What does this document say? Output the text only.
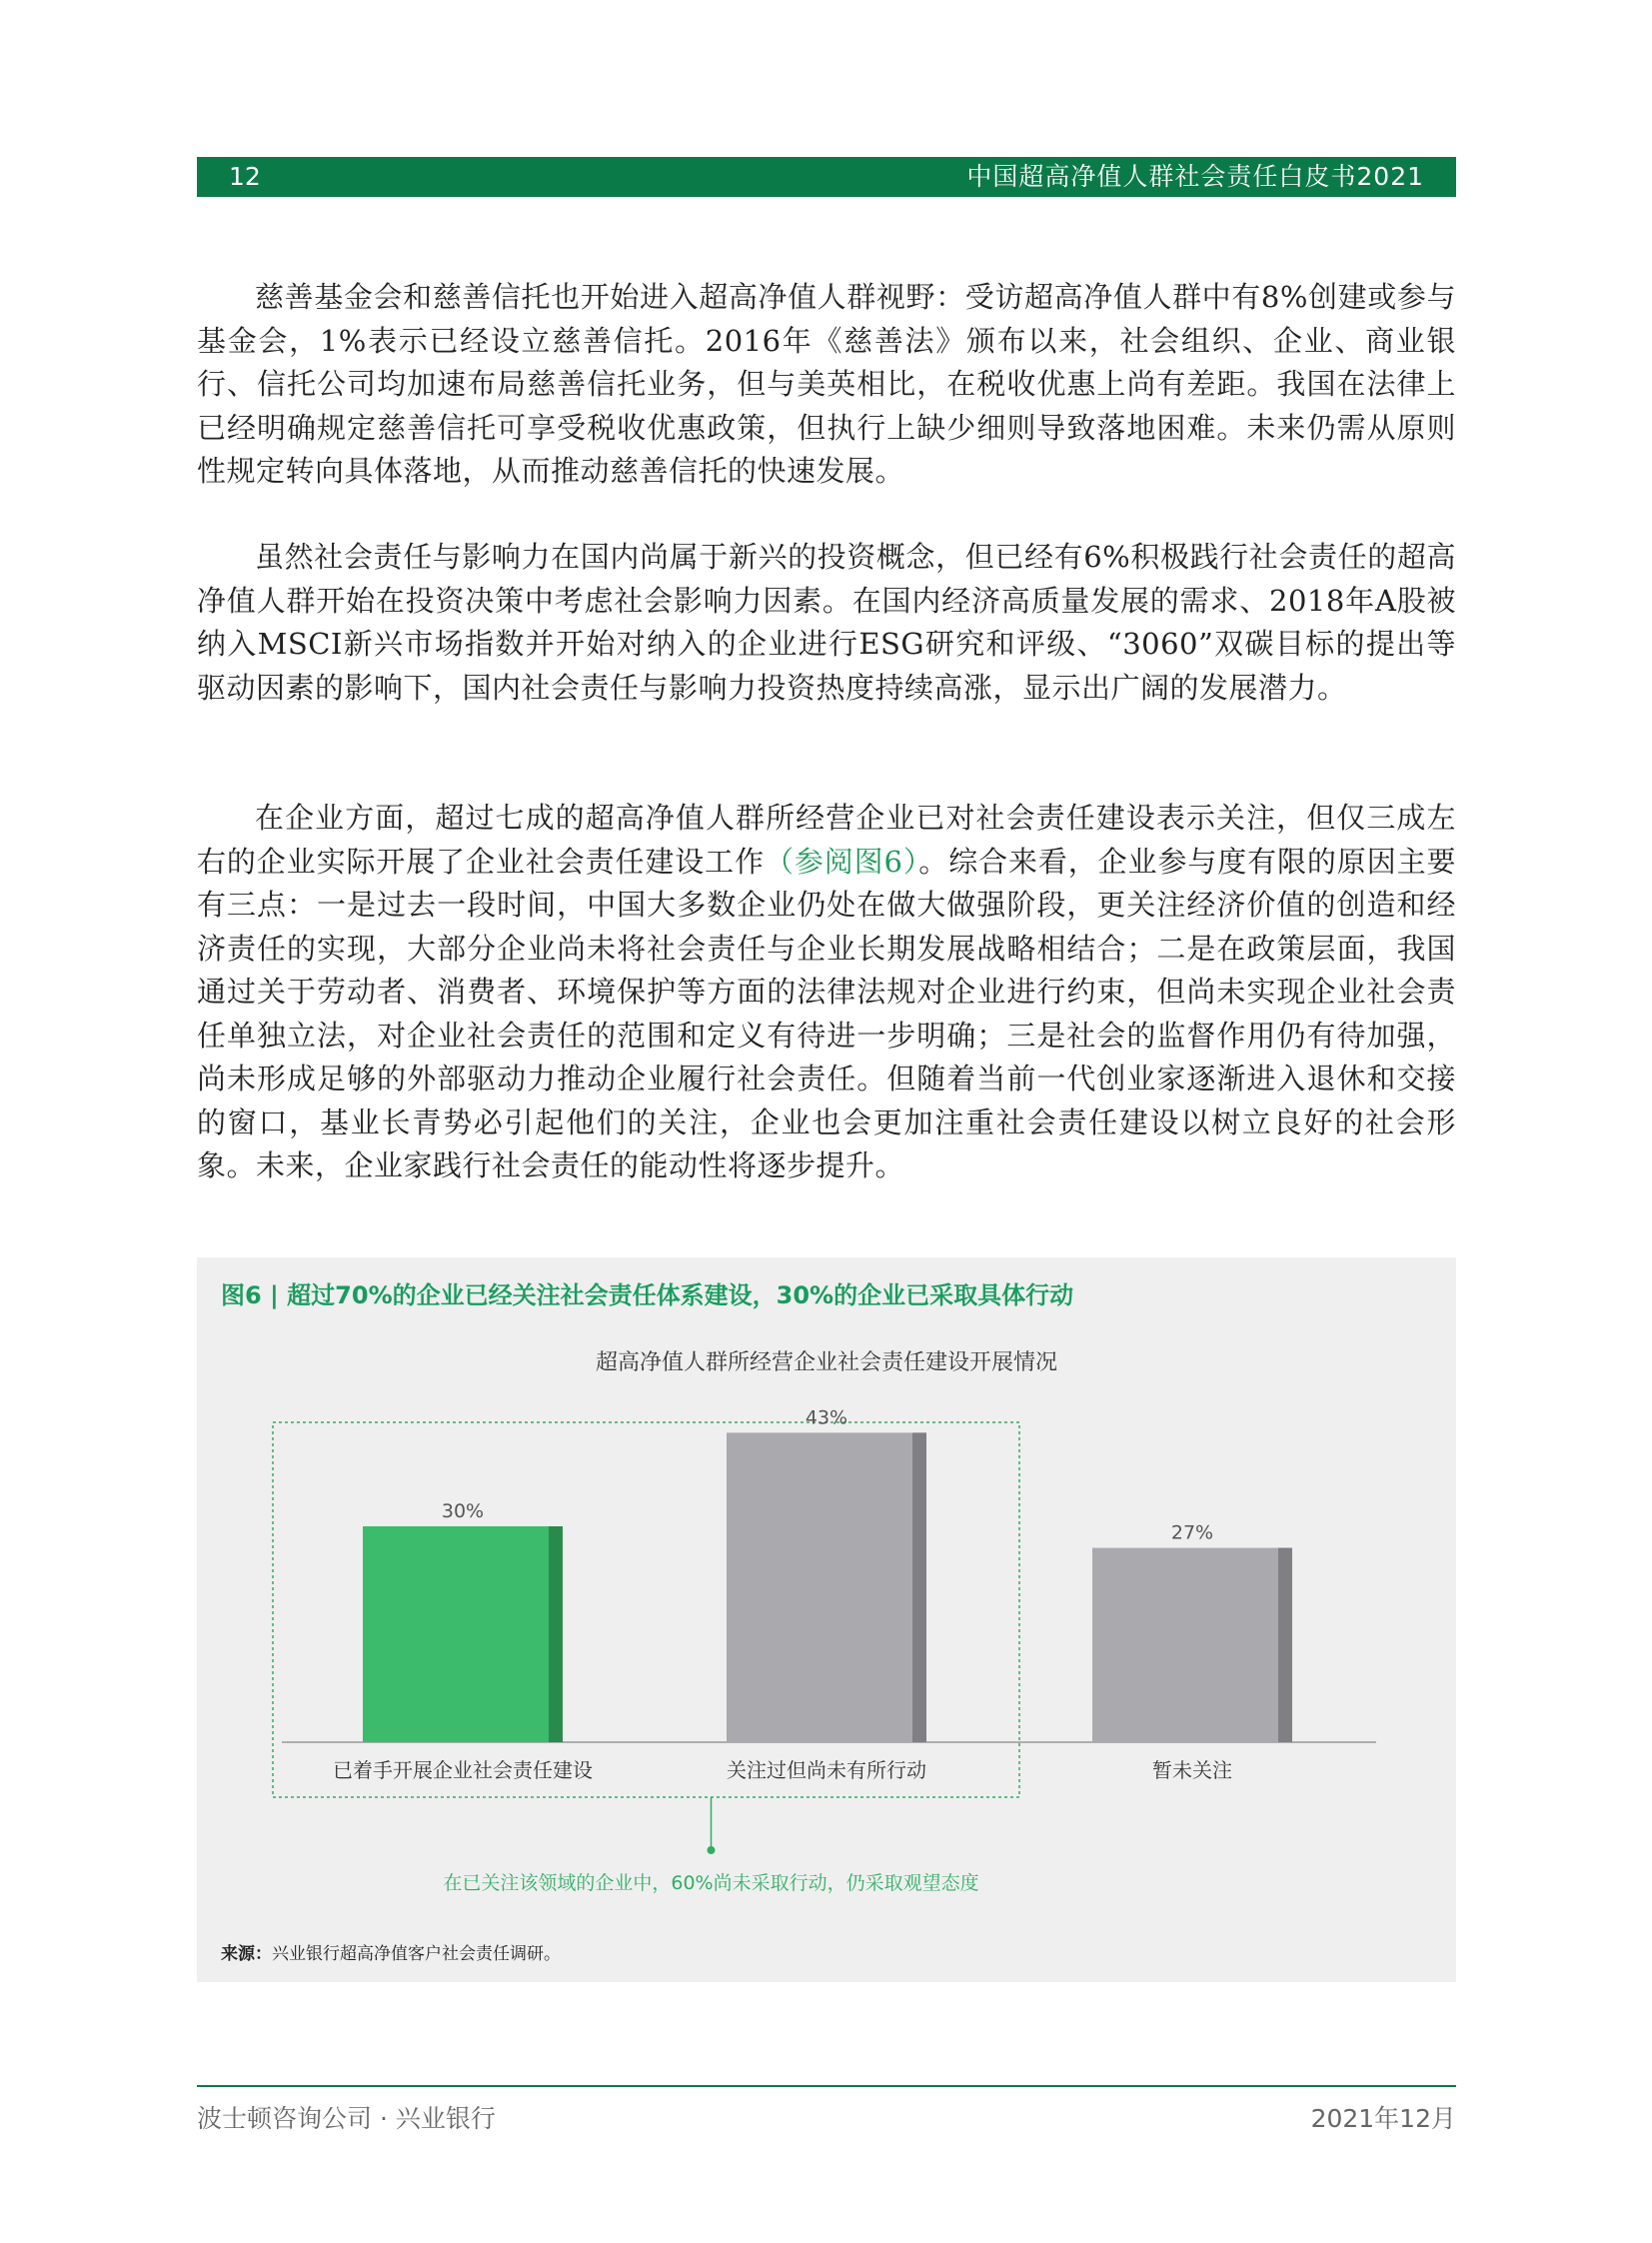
12	中国超高净值人群社会责任白皮书2021

慈善基金会和慈善信托也开始进入超高净值人群视野：受访超高净值人群中有8%创建或参与基金会，1%表示已经设立慈善信托。2016年《慈善法》颁布以来，社会组织、企业、商业银行、信托公司均加速布局慈善信托业务，但与美英相比，在税收优惠上尚有差距。我国在法律上已经明确规定慈善信托可享受税收优惠政策，但执行上缺少细则导致落地困难。未来仍需从原则性规定转向具体落地，从而推动慈善信托的快速发展。

虽然社会责任与影响力在国内尚属于新兴的投资概念，但已经有6%积极践行社会责任的超高净值人群开始在投资决策中考虑社会影响力因素。在国内经济高质量发展的需求、2018年A股被纳入MSCI新兴市场指数并开始对纳入的企业进行ESG研究和评级、“3060”双碳目标的提出等驱动因素的影响下，国内社会责任与影响力投资热度持续高涨，显示出广阔的发展潜力。

在企业方面，超过七成的超高净值人群所经营企业已对社会责任建设表示关注，但仅三成左右的企业实际开展了企业社会责任建设工作（参阅图6）。综合来看，企业参与度有限的原因主要有三点：一是过去一段时间，中国大多数企业仍处在做大做强阶段，更关注经济价值的创造和经济责任的实现，大部分企业尚未将社会责任与企业长期发展战略相结合；二是在政策层面，我国通过关于劳动者、消费者、环境保护等方面的法律法规对企业进行约束，但尚未实现企业社会责任单独立法，对企业社会责任的范围和定义有待进一步明确；三是社会的监督作用仍有待加强，尚未形成足够的外部驱动力推动企业履行社会责任。但随着当前一代创业家逐渐进入退休和交接的窗口，基业长青势必引起他们的关注，企业也会更加注重社会责任建设以树立良好的社会形象。未来，企业家践行社会责任的能动性将逐步提升。

图6 | 超过70%的企业已经关注社会责任体系建设，30%的企业已采取具体行动
超高净值人群所经营企业社会责任建设开展情况
在已关注该领域的企业中，60%尚未采取行动，仍采取观望态度
30%
已着手开展企业社会责任建设
43%
关注过但尚未有所行动
27%
暂未关注
来源：兴业银行超高净值客户社会责任调研。
波士顿咨询公司 · 兴业银行	2021年12月
